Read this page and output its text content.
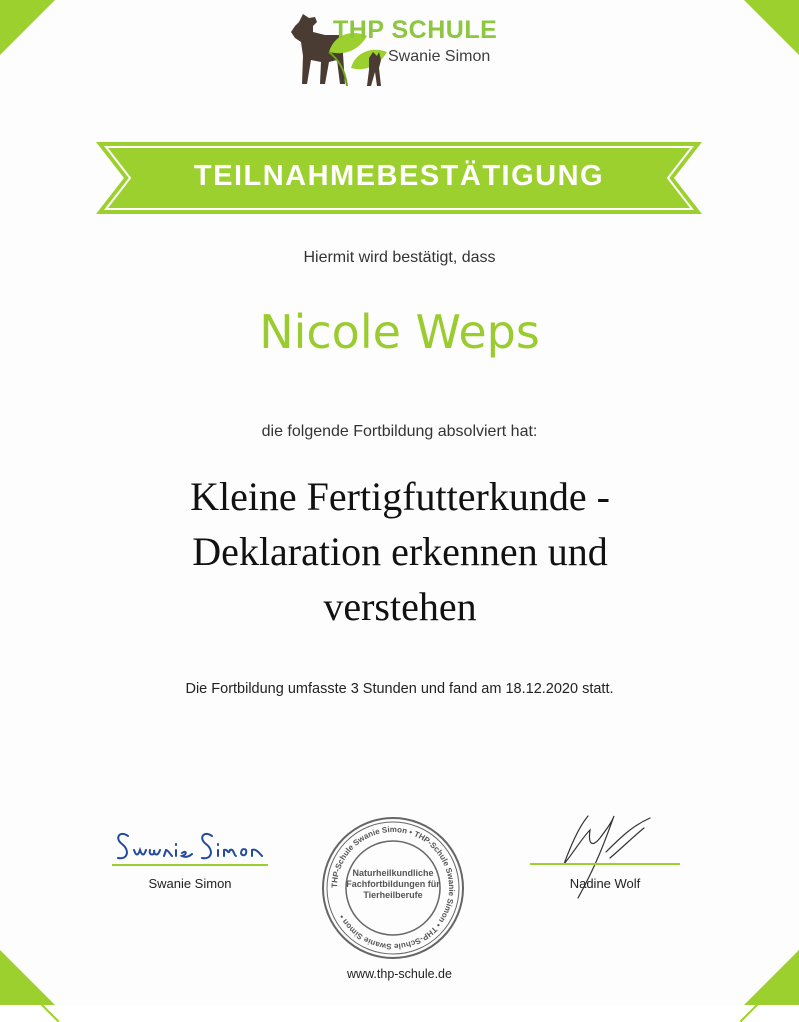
THP SCHULE
Swanie Simon
TEILNAHMEBESTÄTIGUNG
Hiermit wird bestätigt, dass
Nicole Weps
die folgende Fortbildung absolviert hat:
Kleine Fertigfutterkunde -
Deklaration erkennen und
verstehen
Die Fortbildung umfasste 3 Stunden und fand am 18.12.2020 statt.
Swanie Simon	THP-Schule Swanie Simon • THP-Schule Swanie Simon • THP-Schule Swanie Simon •
Naturheilkundliche
Fachfortbildungen für
Tierheilberufe
Nadine Wolf
www.thp-schule.de
